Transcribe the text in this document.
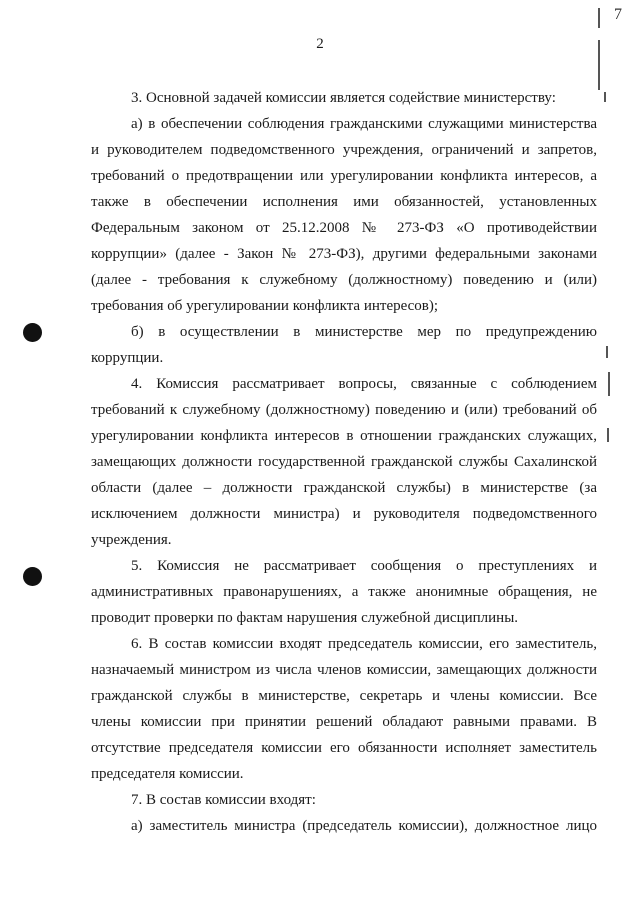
7
2
3. Основной задачей комиссии является содействие министерству:
а) в обеспечении соблюдения гражданскими служащими министерства
и руководителем подведомственного учреждения, ограничений и запретов,
требований о предотвращении или урегулировании конфликта интересов, а
также в обеспечении исполнения ими обязанностей, установленных
Федеральным законом от 25.12.2008 № 273-ФЗ «О противодействии
коррупции» (далее - Закон № 273-ФЗ), другими федеральными законами
(далее - требования к служебному (должностному) поведению и (или)
требования об урегулировании конфликта интересов);
б) в осуществлении в министерстве мер по предупреждению
коррупции.
4. Комиссия рассматривает вопросы, связанные с соблюдением
требований к служебному (должностному) поведению и (или) требований об
урегулировании конфликта интересов в отношении гражданских служащих,
замещающих должности государственной гражданской службы Сахалинской
области (далее – должности гражданской службы) в министерстве (за
исключением должности министра) и руководителя подведомственного
учреждения.
5. Комиссия не рассматривает сообщения о преступлениях и
административных правонарушениях, а также анонимные обращения, не
проводит проверки по фактам нарушения служебной дисциплины.
6. В состав комиссии входят председатель комиссии, его заместитель,
назначаемый министром из числа членов комиссии, замещающих должности
гражданской службы в министерстве, секретарь и члены комиссии. Все
члены комиссии при принятии решений обладают равными правами. В
отсутствие председателя комиссии его обязанности исполняет заместитель
председателя комиссии.
7. В состав комиссии входят:
а) заместитель министра (председатель комиссии), должностное лицо
